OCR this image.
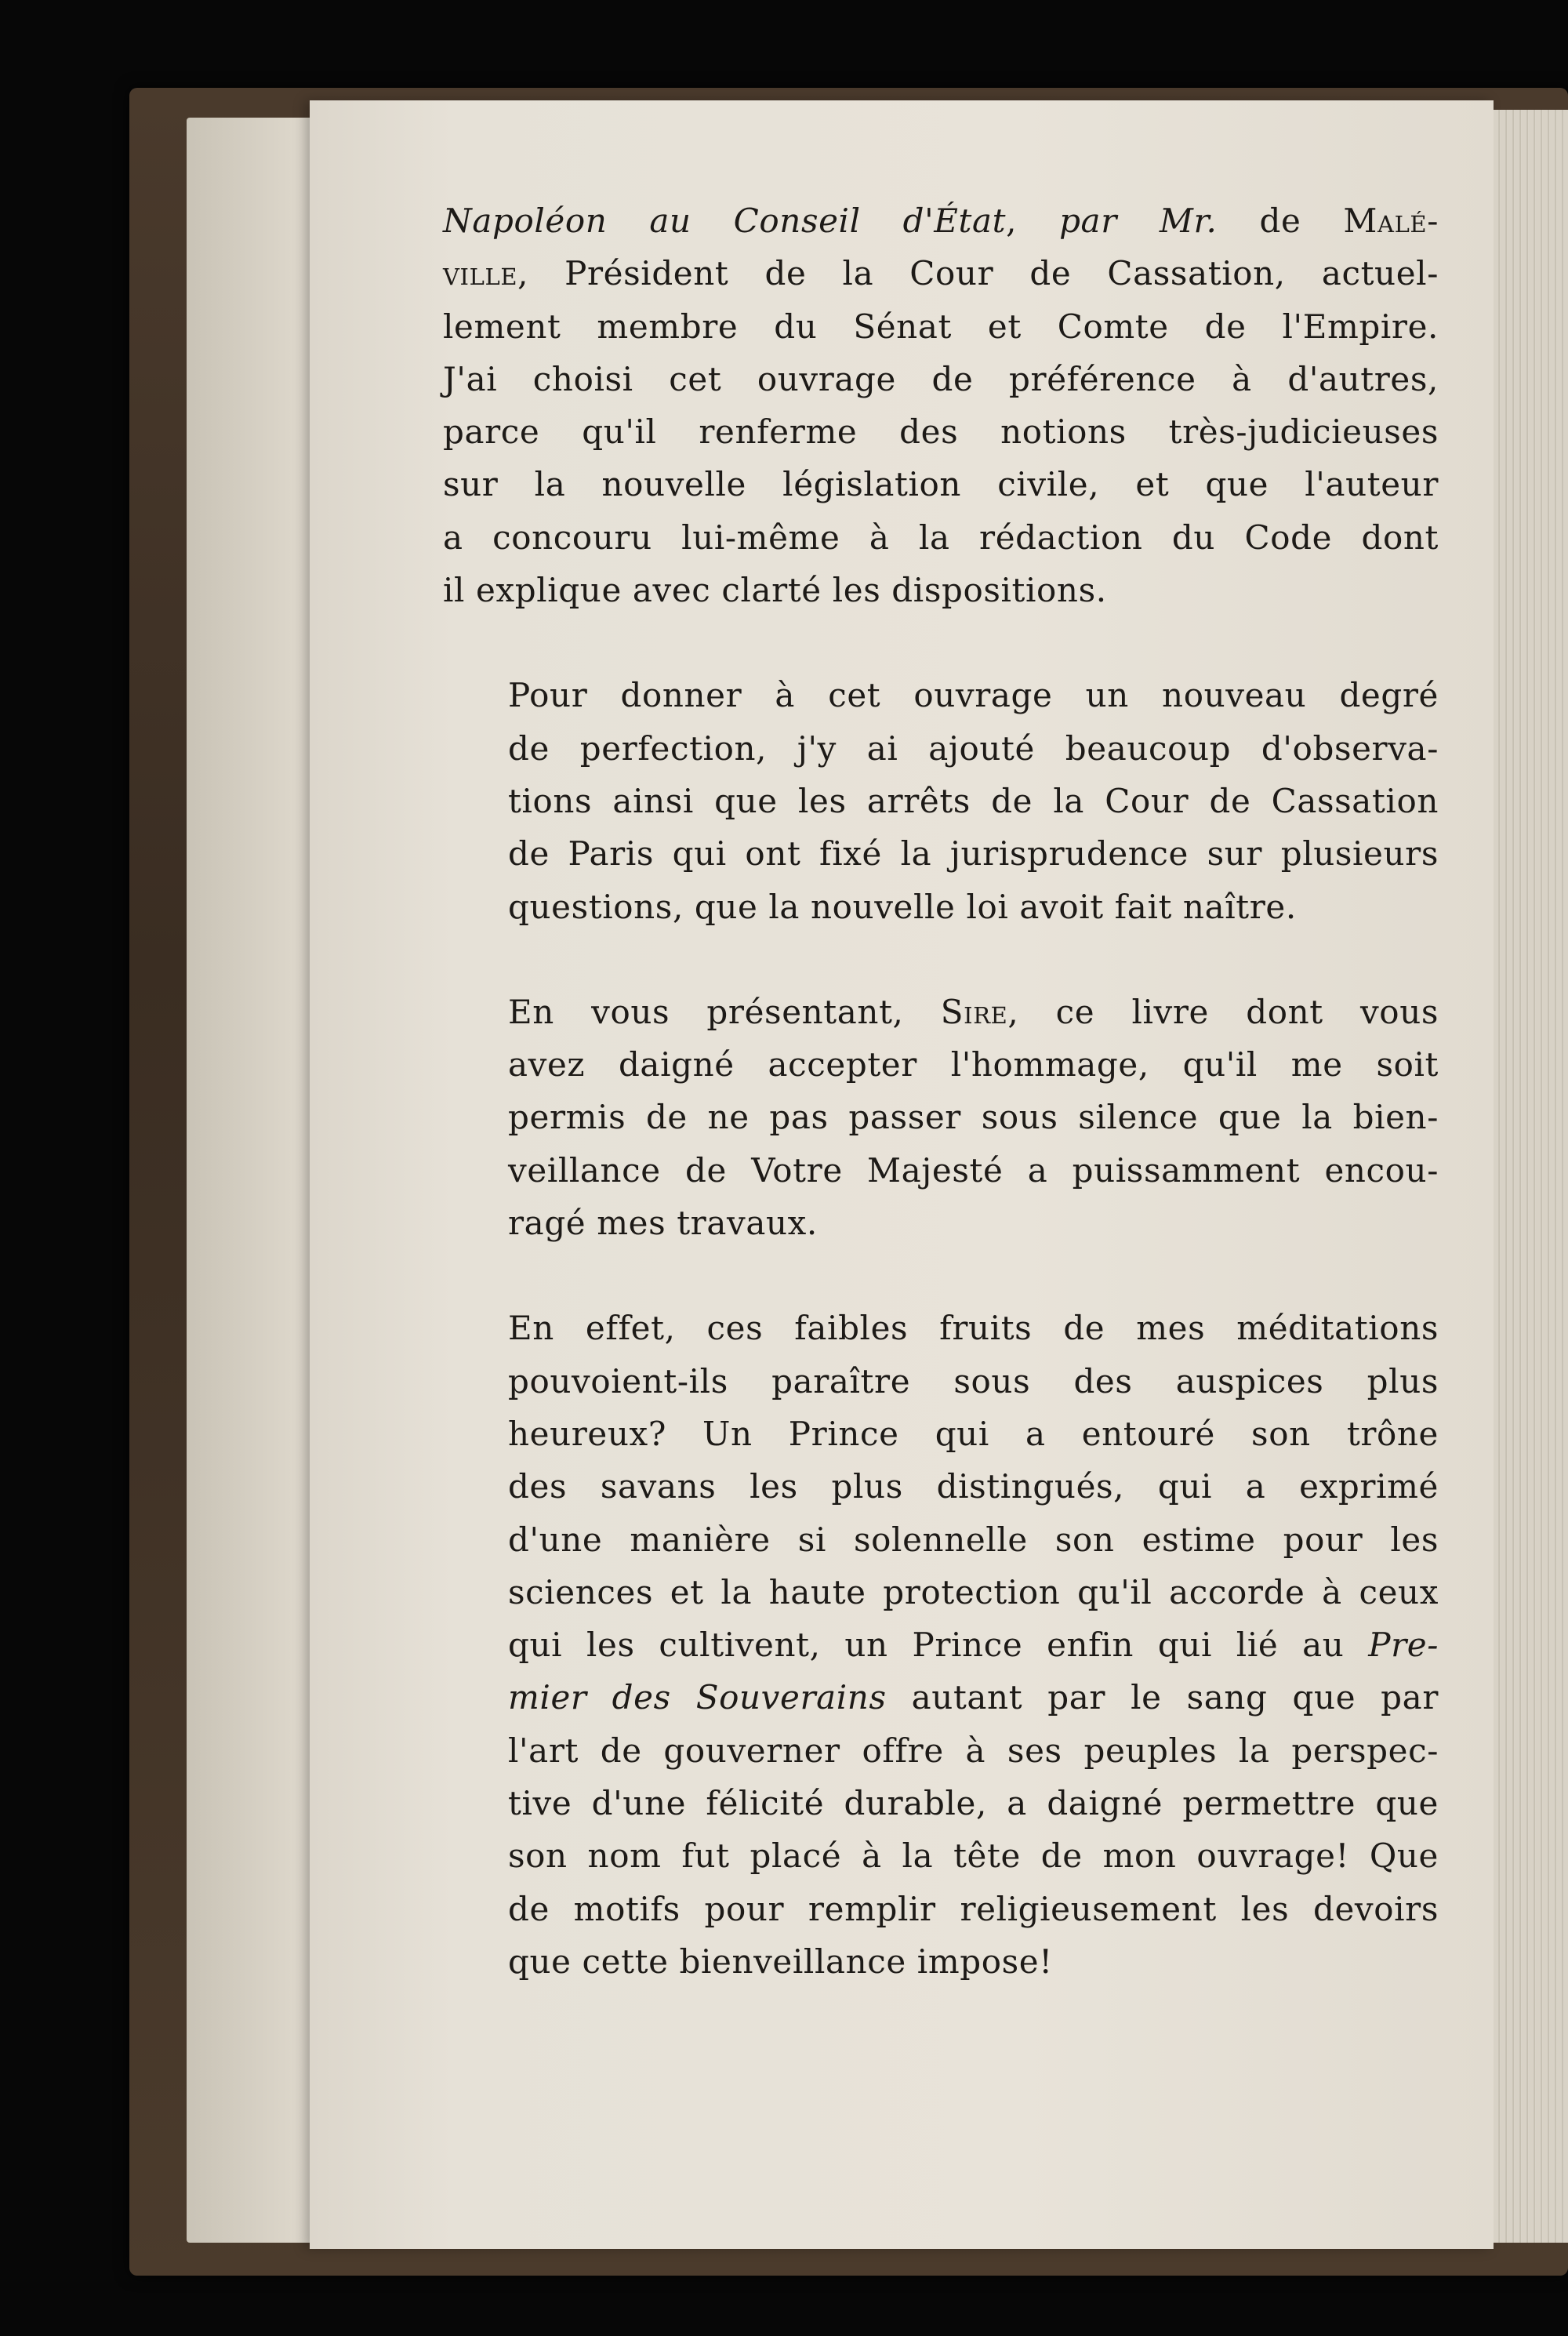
Napoléon au Conseil d'État, par Mr. de Malé-
ville, Président de la Cour de Cassation, actuel-
lement membre du Sénat et Comte de l'Empire.
J'ai choisi cet ouvrage de préférence à d'autres,
parce qu'il renferme des notions très-judicieuses
sur la nouvelle législation civile, et que l'auteur
a concouru lui-même à la rédaction du Code dont
il explique avec clarté les dispositions.

Pour donner à cet ouvrage un nouveau degré
de perfection, j'y ai ajouté beaucoup d'observa-
tions ainsi que les arrêts de la Cour de Cassation
de Paris qui ont fixé la jurisprudence sur plusieurs
questions, que la nouvelle loi avoit fait naître.

En vous présentant, Sire, ce livre dont vous
avez daigné accepter l'hommage, qu'il me soit
permis de ne pas passer sous silence que la bien-
veillance de Votre Majesté a puissamment encou-
ragé mes travaux.

En effet, ces faibles fruits de mes méditations
pouvoient-ils paraître sous des auspices plus
heureux? Un Prince qui a entouré son trône
des savans les plus distingués, qui a exprimé
d'une manière si solennelle son estime pour les
sciences et la haute protection qu'il accorde à ceux
qui les cultivent, un Prince enfin qui lié au Pre-
mier des Souverains autant par le sang que par
l'art de gouverner offre à ses peuples la perspec-
tive d'une félicité durable, a daigné permettre que
son nom fut placé à la tête de mon ouvrage! Que
de motifs pour remplir religieusement les devoirs
que cette bienveillance impose!
